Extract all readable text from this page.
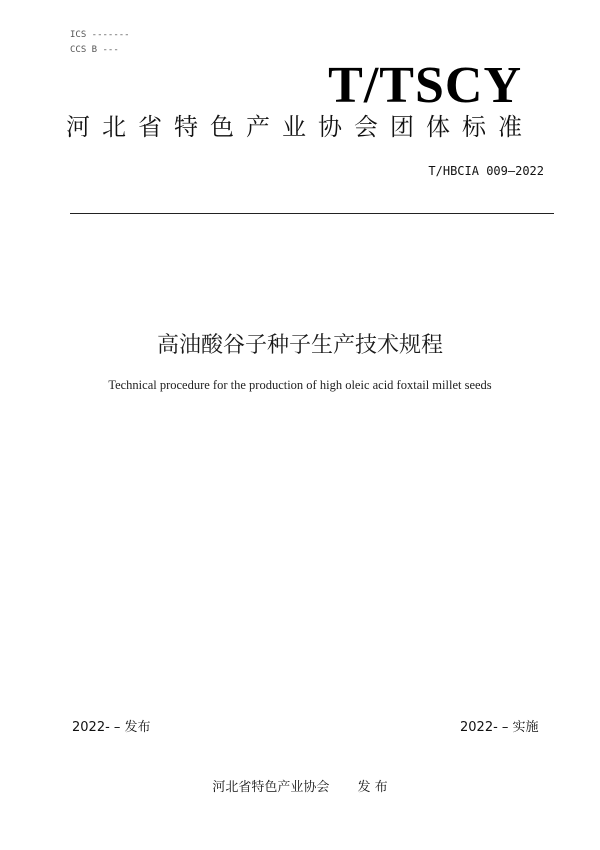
ICS -------
CCS B ---
T/TSCY
河北省特色产业协会团体标准
T/HBCIA 009—2022
高油酸谷子种子生产技术规程
Technical procedure for the production of high oleic acid foxtail millet seeds
2022- – 发布	2022- – 实施
河北省特色产业协会 发 布
